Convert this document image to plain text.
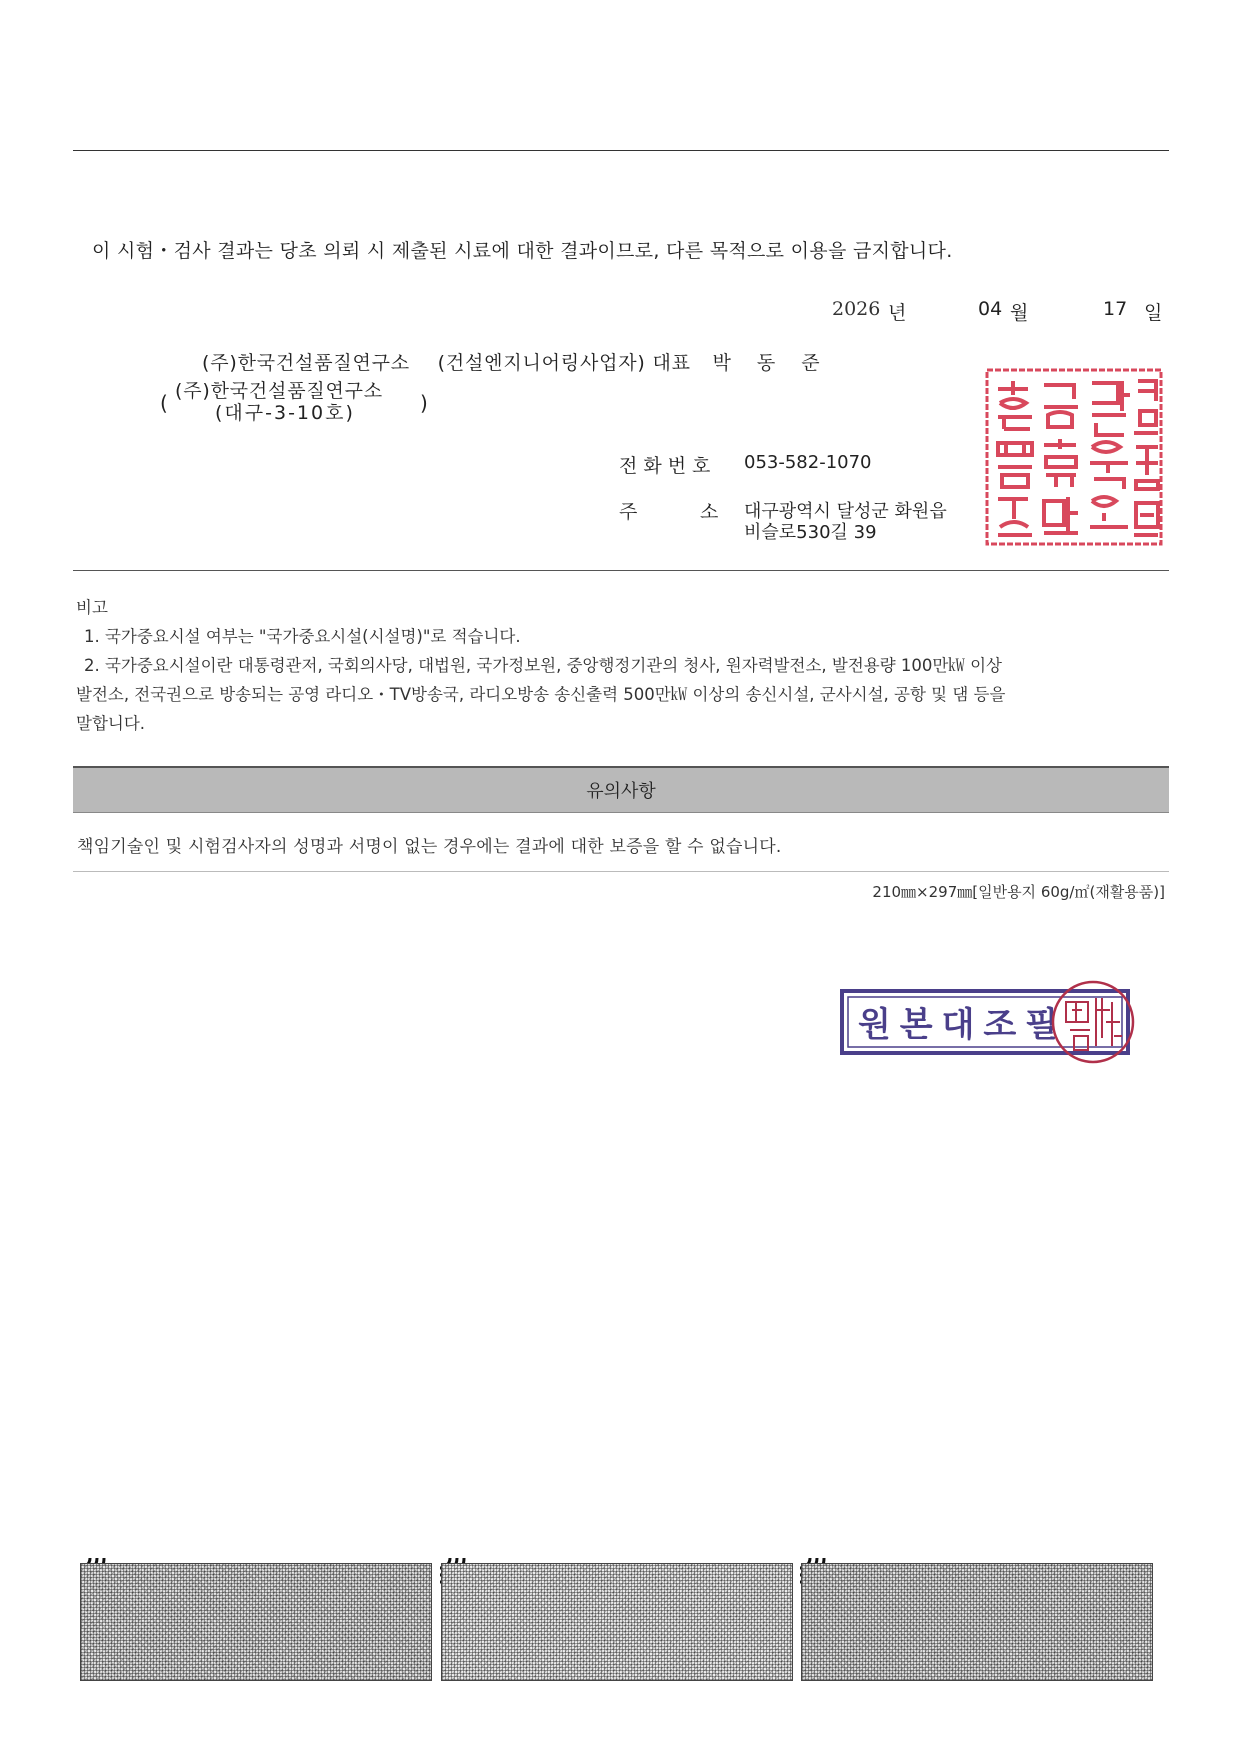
이 시험・검사 결과는 당초 의뢰 시 제출된 시료에 대한 결과이므로, 다른 목적으로 이용을 금지합니다.
2026 년	04 월	17 일
(주)한국건설품질연구소 (건설엔지니어링사업자) 대표 박 동 준
( (주)한국건설품질연구소
(대구-3-10호)	)
전화번호 053-582-1070
주	소 대구광역시 달성군 화원읍
비슬로530길 39
비고
1. 국가중요시설 여부는 "국가중요시설(시설명)"로 적습니다.
2. 국가중요시설이란 대통령관저, 국회의사당, 대법원, 국가정보원, 중앙행정기관의 청사, 원자력발전소, 발전용량 100만㎾ 이상
발전소, 전국권으로 방송되는 공영 라디오・TV방송국, 라디오방송 송신출력 500만㎾ 이상의 송신시설, 군사시설, 공항 및 댐 등을
말합니다.
유의사항
책임기술인 및 시험검사자의 성명과 서명이 없는 경우에는 결과에 대한 보증을 할 수 없습니다.
210㎜×297㎜[일반용지 60g/㎡(재활용품)]
원본대조필
